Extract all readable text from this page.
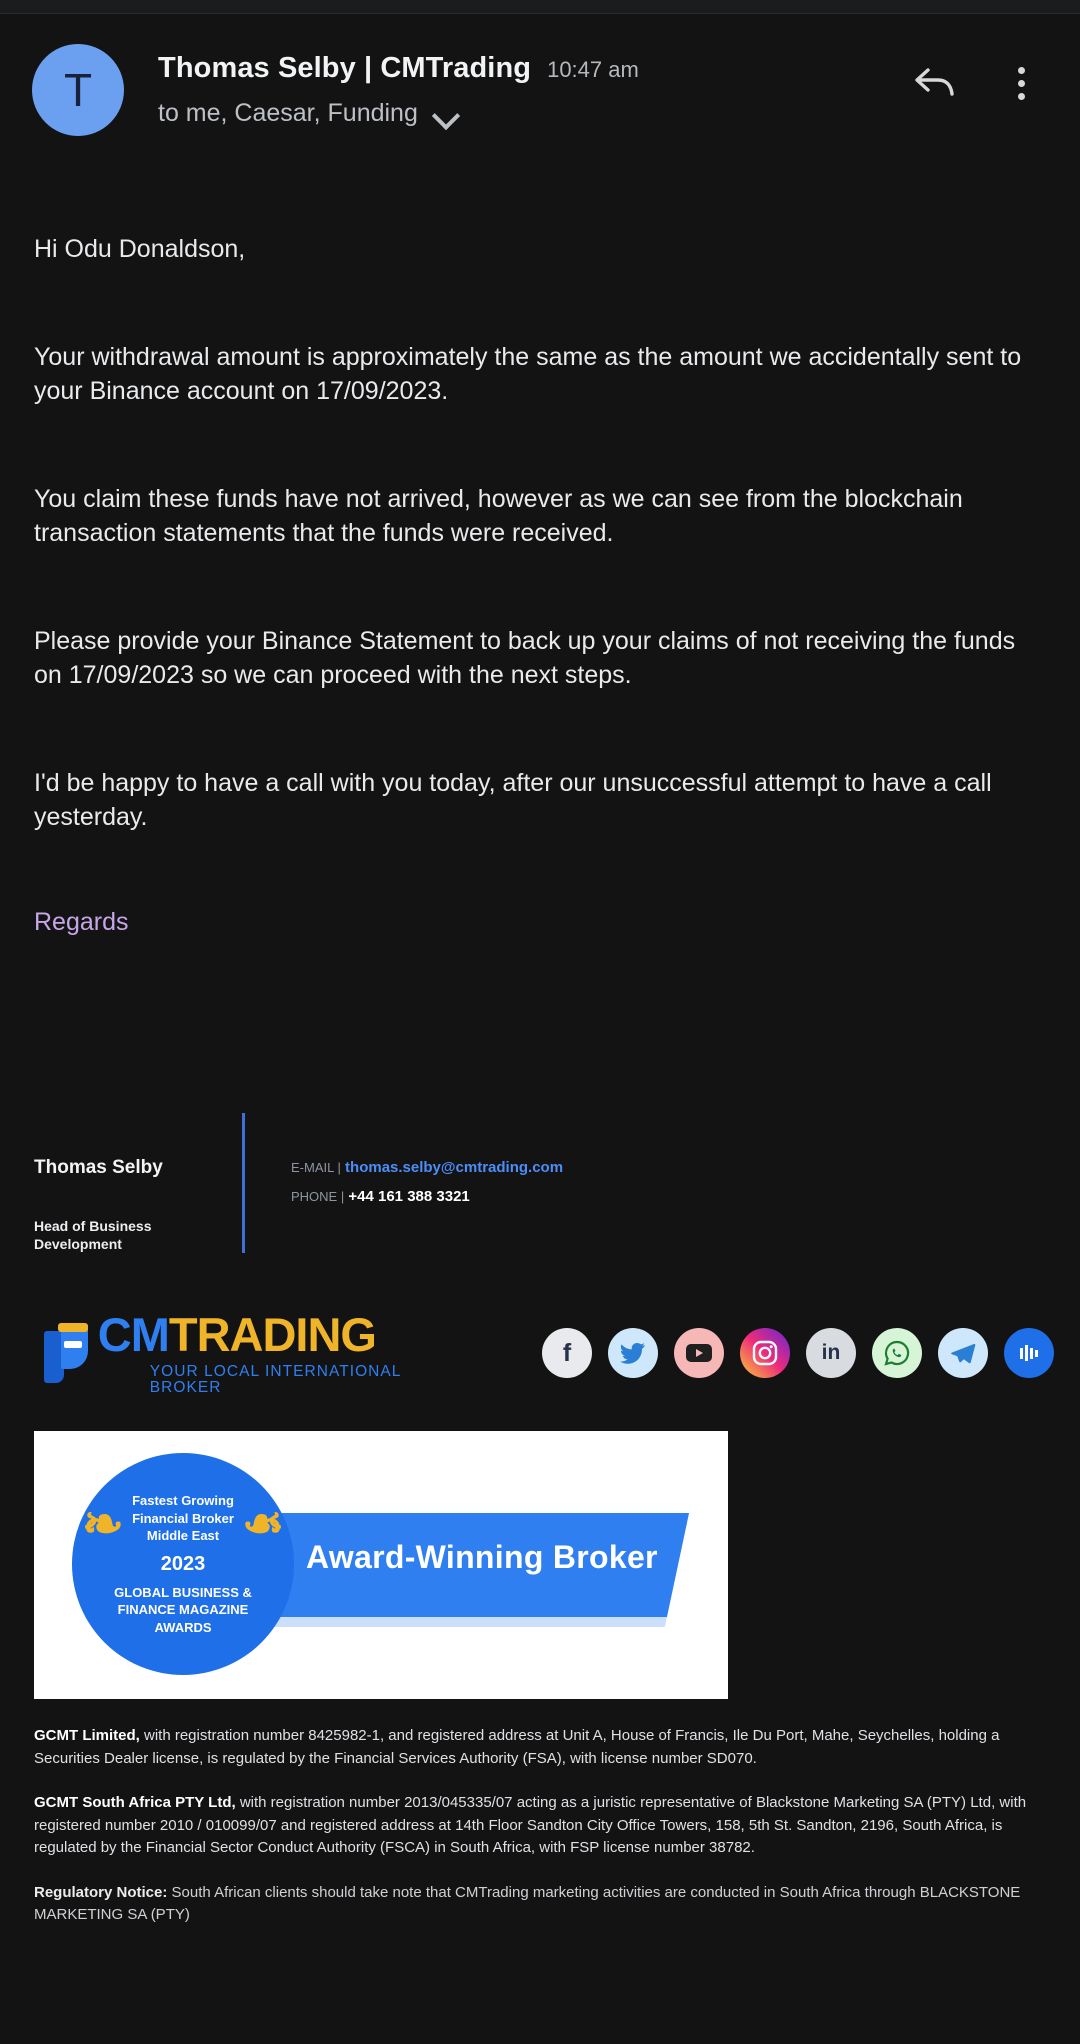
T	Thomas Selby | CMTrading 10:47 am
to me, Caesar, Funding

Hi Odu Donaldson,

Your withdrawal amount is approximately the same as the amount we accidentally sent to your Binance account on 17/09/2023.

You claim these funds have not arrived, however as we can see from the blockchain transaction statements that the funds were received.

Please provide your Binance Statement to back up your claims of not receiving the funds on 17/09/2023 so we can proceed with the next steps.

I'd be happy to have a call with you today, after our unsuccessful attempt to have a call yesterday.

Regards

Thomas Selby
Head of Business Development
E-MAIL | thomas.selby@cmtrading.com
PHONE | +44 161 388 3321
CMTRADING
YOUR LOCAL INTERNATIONAL BROKER
f	in
Award-Winning Broker
❧ ❧
Fastest Growing
Financial Broker
Middle East
2023
GLOBAL BUSINESS &
FINANCE MAGAZINE
AWARDS

GCMT Limited, with registration number 8425982-1, and registered address at Unit A, House of Francis, Ile Du Port, Mahe, Seychelles, holding a Securities Dealer license, is regulated by the Financial Services Authority (FSA), with license number SD070.

GCMT South Africa PTY Ltd, with registration number 2013/045335/07 acting as a juristic representative of Blackstone Marketing SA (PTY) Ltd, with registered number 2010 / 010099/07 and registered address at 14th Floor Sandton City Office Towers, 158, 5th St. Sandton, 2196, South Africa, is regulated by the Financial Sector Conduct Authority (FSCA) in South Africa, with FSP license number 38782.

Regulatory Notice: South African clients should take note that CMTrading marketing activities are conducted in South Africa through BLACKSTONE MARKETING SA (PTY)
